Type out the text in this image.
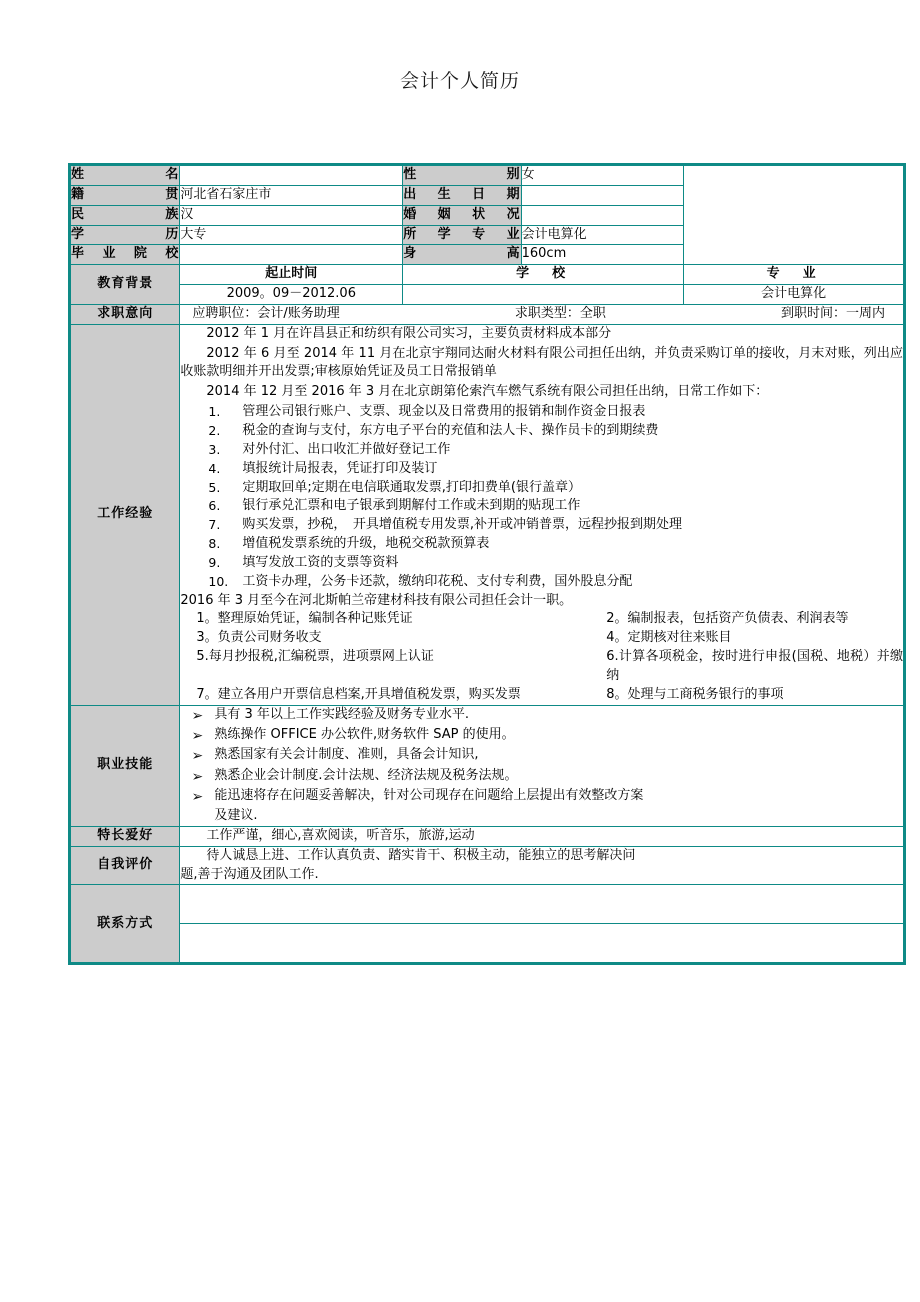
会计个人简历
姓　　名		性　　别	女	
籍　　贯	河北省石家庄市	出生日期		
民　　族	汉	婚姻状况		
学　　历	大专	所学专业	会计电算化	
毕业院校		身　　高	160cm	
教育背景	起止时间	学　校		专　业
	2009。09－2012.06			会计电算化
求职意向	应聘职位：会计/账务助理 求职类型：全职 到职时间：一周内			

工作经验	
2012 年 1 月在许昌县正和纺织有限公司实习，主要负责材料成本部分
2012 年 6 月至 2014 年 11 月在北京宇翔同达耐火材料有限公司担任出纳，并负责采购订单的接收，月末对账，列出应收账款明细并开出发票;审核原始凭证及员工日常报销单
2014 年 12 月至 2016 年 3 月在北京朗第伦索汽车燃气系统有限公司担任出纳，日常工作如下：
1.	管理公司银行账户、支票、现金以及日常费用的报销和制作资金日报表
2.	税金的查询与支付，东方电子平台的充值和法人卡、操作员卡的到期续费
3.	对外付汇、出口收汇并做好登记工作
4.	填报统计局报表，凭证打印及装订
5.	定期取回单;定期在电信联通取发票,打印扣费单(银行盖章）
6.	银行承兑汇票和电子银承到期解付工作或未到期的贴现工作
7.	购买发票，抄税，　开具增值税专用发票,补开或冲销普票，远程抄报到期处理
8.	增值税发票系统的升级，地税交税款预算表
9.	填写发放工资的支票等资料
10.	工资卡办理，公务卡还款，缴纳印花税、支付专利费，国外股息分配
2016 年 3 月至今在河北斯帕兰帝建材科技有限公司担任会计一职。
1。整理原始凭证，编制各种记账凭证	2。编制报表，包括资产负债表、利润表等
3。负责公司财务收支	4。定期核对往来账目
5.每月抄报税,汇编税票，进项票网上认证	6.计算各项税金，按时进行申报(国税、地税）并缴纳
7。建立各用户开票信息档案,开具增值税发票，购买发票	8。处理与工商税务银行的事项

职业技能	
➢ 具有 3 年以上工作实践经验及财务专业水平.
➢ 熟练操作 OFFICE 办公软件,财务软件 SAP 的使用。
➢ 熟悉国家有关会计制度、准则，具备会计知识,
➢ 熟悉企业会计制度.会计法规、经济法规及税务法规。
➢ 能迅速将存在问题妥善解决，针对公司现存在问题给上层提出有效整改方案
及建议.

特长爱好	工作严谨，细心,喜欢阅读，听音乐，旅游,运动			

自我评价	待人诚恳上进、工作认真负责、踏实肯干、积极主动，能独立的思考解决问
题,善于沟通及团队工作.			

联系方式				
